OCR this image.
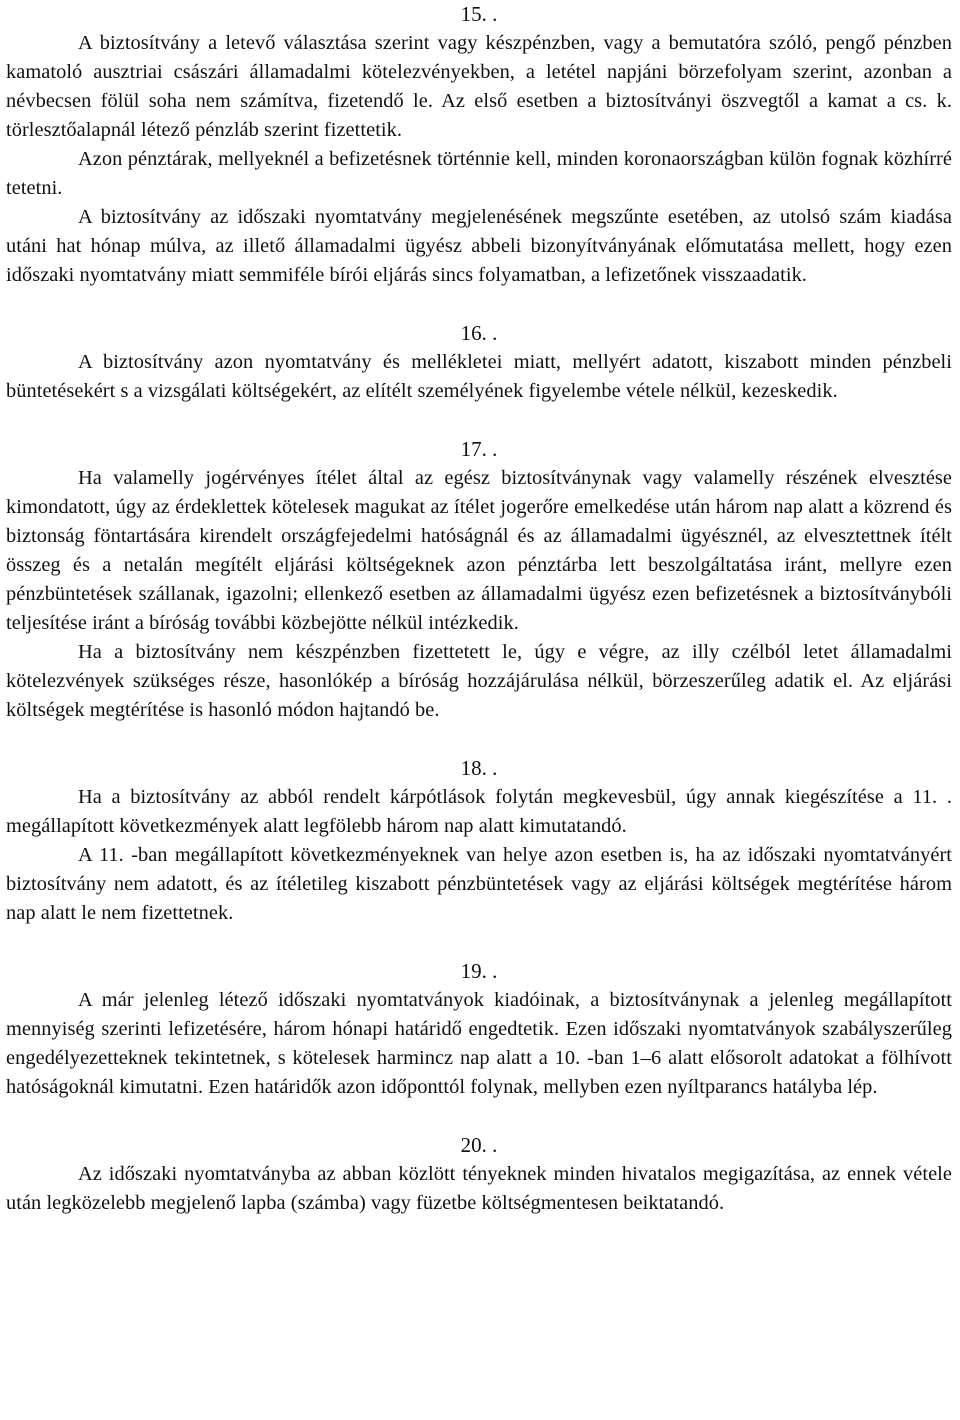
15. .

A biztosítvány a letevő választása szerint vagy készpénzben, vagy a bemutatóra szóló, pengő pénzben kamatoló ausztriai császári államadalmi kötelezvényekben, a letétel napjáni börzefolyam szerint, azonban a névbecsen fölül soha nem számítva, fizetendő le. Az első esetben a biztosítványi öszvegtől a kamat a cs. k. törlesztőalapnál létező pénzláb szerint fizettetik.

Azon pénztárak, mellyeknél a befizetésnek történnie kell, minden koronaországban külön fognak közhírré tetetni.

A biztosítvány az időszaki nyomtatvány megjelenésének megszűnte esetében, az utolsó szám kiadása utáni hat hónap múlva, az illető államadalmi ügyész abbeli bizonyítványának előmutatása mellett, hogy ezen időszaki nyomtatvány miatt semmiféle bírói eljárás sincs folyamatban, a lefizetőnek visszaadatik.

16. .

A biztosítvány azon nyomtatvány és mellékletei miatt, mellyért adatott, kiszabott minden pénzbeli büntetésekért s a vizsgálati költségekért, az elítélt személyének figyelembe vétele nélkül, kezeskedik.

17. .

Ha valamelly jogérvényes ítélet által az egész biztosítványnak vagy valamelly részének elvesztése kimondatott, úgy az érdeklettek kötelesek magukat az ítélet jogerőre emelkedése után három nap alatt a közrend és biztonság föntartására kirendelt országfejedelmi hatóságnál és az államadalmi ügyésznél, az elvesztettnek ítélt összeg és a netalán megítélt eljárási költségeknek azon pénztárba lett beszolgáltatása iránt, mellyre ezen pénzbüntetések szállanak, igazolni; ellenkező esetben az államadalmi ügyész ezen befizetésnek a biztosítványbóli teljesítése iránt a bíróság további közbejötte nélkül intézkedik.

Ha a biztosítvány nem készpénzben fizettetett le, úgy e végre, az illy czélból letet államadalmi kötelezvények szükséges része, hasonlókép a bíróság hozzájárulása nélkül, börzeszerűleg adatik el. Az eljárási költségek megtérítése is hasonló módon hajtandó be.

18. .

Ha a biztosítvány az abból rendelt kárpótlások folytán megkevesbül, úgy annak kiegészítése a 11. . megállapított következmények alatt legfölebb három nap alatt kimutatandó.

A 11. -ban megállapított következményeknek van helye azon esetben is, ha az időszaki nyomtatványért biztosítvány nem adatott, és az ítéletileg kiszabott pénzbüntetések vagy az eljárási költségek megtérítése három nap alatt le nem fizettetnek.

19. .

A már jelenleg létező időszaki nyomtatványok kiadóinak, a biztosítványnak a jelenleg megállapított mennyiség szerinti lefizetésére, három hónapi határidő engedtetik. Ezen időszaki nyomtatványok szabályszerűleg engedélyezetteknek tekintetnek, s kötelesek harmincz nap alatt a 10. -ban 1–6 alatt elősorolt adatokat a fölhívott hatóságoknál kimutatni. Ezen határidők azon időponttól folynak, mellyben ezen nyíltparancs hatályba lép.

20. .

Az időszaki nyomtatványba az abban közlött tényeknek minden hivatalos megigazítása, az ennek vétele után legközelebb megjelenő lapba (számba) vagy füzetbe költségmentesen beiktatandó.
